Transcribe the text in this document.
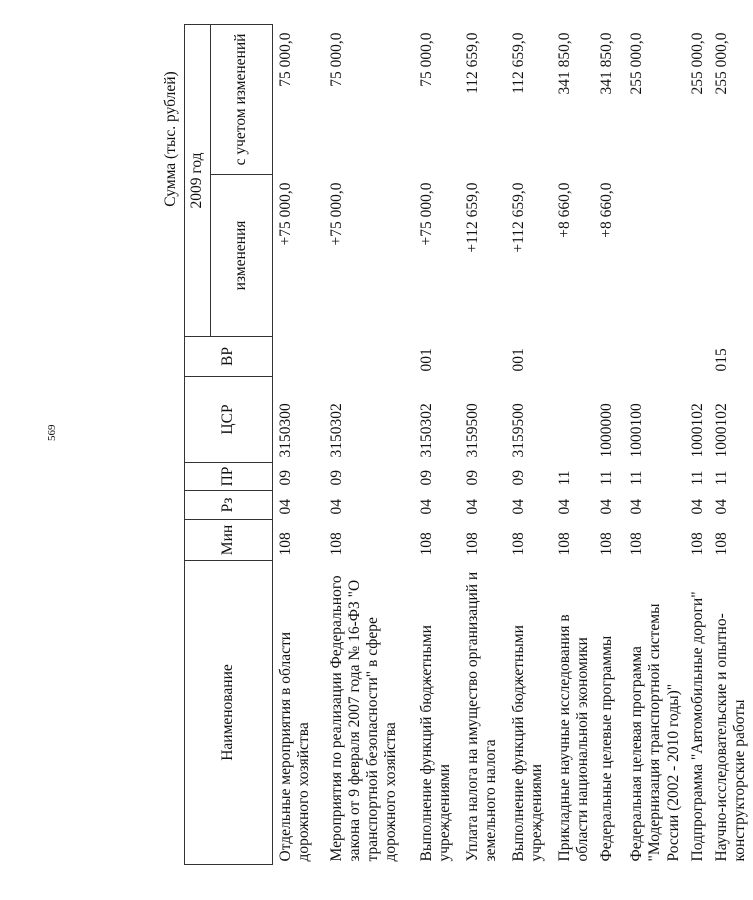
569
Сумма (тыс. рублей)
Наименование	Мин	Рз	ПР	ЦСР	ВР	2009 год	
						изменения	с учетом изменений
Отдельные мероприятия в области дорожного хозяйства	108	04	09	3150300		+75 000,0	75 000,0
Мероприятия по реализации Федерального закона от 9 февраля 2007 года № 16-ФЗ "О транспортной безопасности" в сфере дорожного хозяйства	108	04	09	3150302		+75 000,0	75 000,0
Выполнение функций бюджетными учреждениями	108	04	09	3150302	001	+75 000,0	75 000,0
Уплата налога на имущество организаций и земельного налога	108	04	09	3159500		+112 659,0	112 659,0
Выполнение функций бюджетными учреждениями	108	04	09	3159500	001	+112 659,0	112 659,0
Прикладные научные исследования в области национальной экономики	108	04	11			+8 660,0	341 850,0
Федеральные целевые программы	108	04	11	1000000		+8 660,0	341 850,0
Федеральная целевая программа "Модернизация транспортной системы России (2002 - 2010 годы)"	108	04	11	1000100			255 000,0
Подпрограмма "Автомобильные дороги"	108	04	11	1000102			255 000,0
Научно-исследовательские и опытно-конструкторские работы	108	04	11	1000102	015		255 000,0
